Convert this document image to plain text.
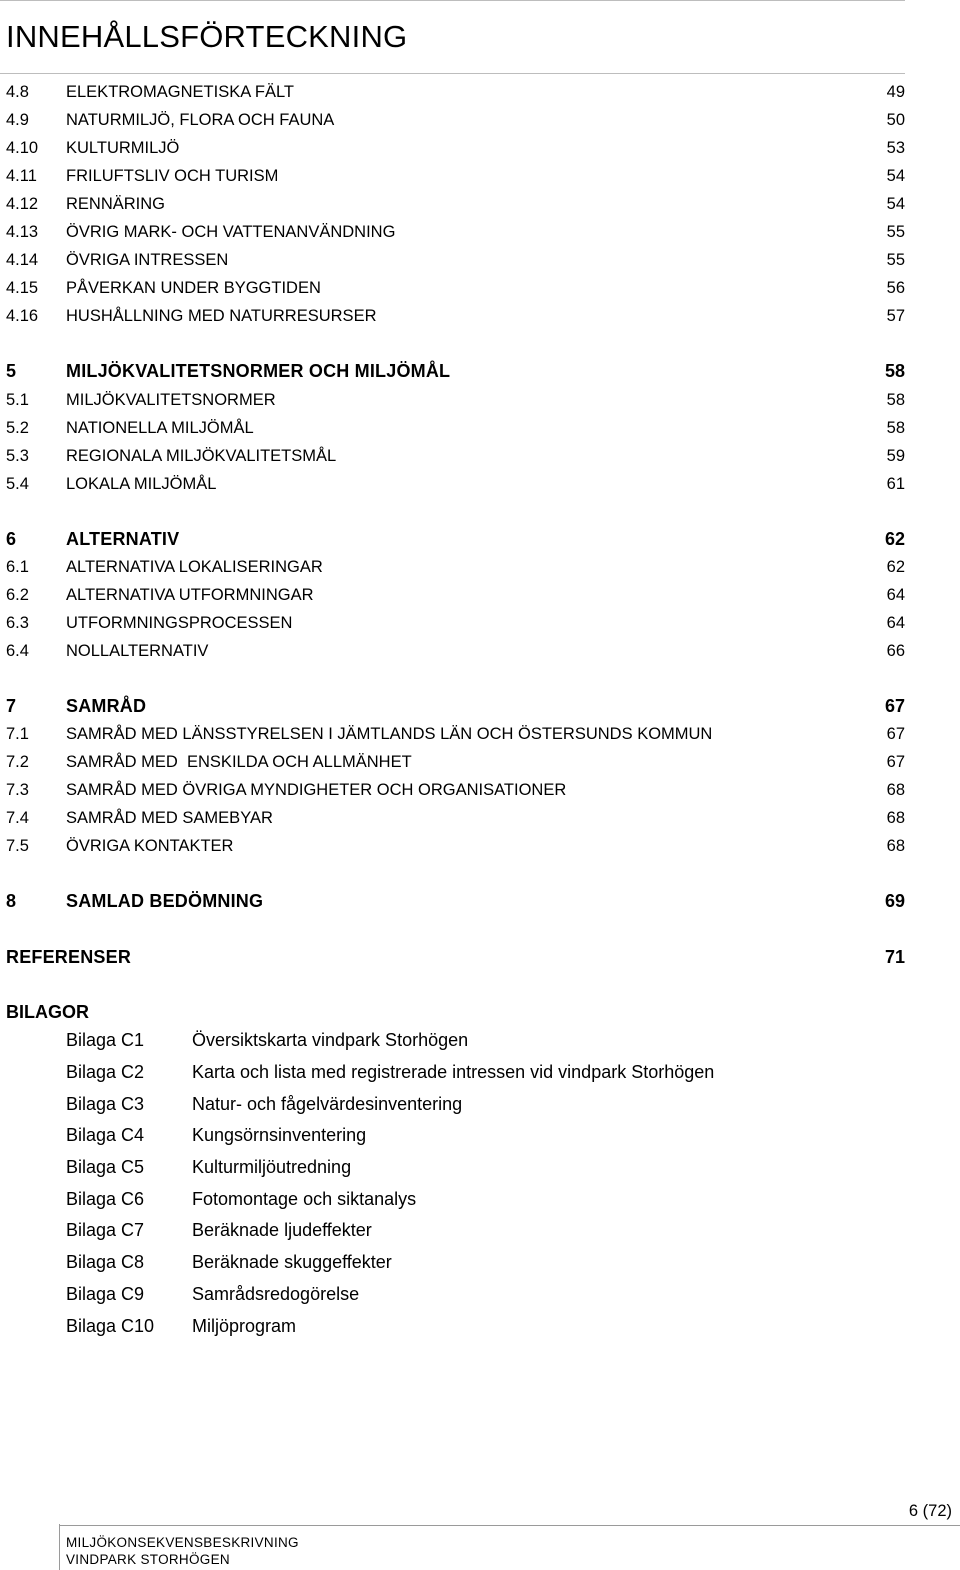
INNEHÅLLSFÖRTECKNING
4.8 ELEKTROMAGNETISKA FÄLT	49
4.9 NATURMILJÖ, FLORA OCH FAUNA	50
4.10 KULTURMILJÖ	53
4.11 FRILUFTSLIV OCH TURISM	54
4.12 RENNÄRING	54
4.13 ÖVRIG MARK- OCH VATTENANVÄNDNING	55
4.14 ÖVRIGA INTRESSEN	55
4.15 PÅVERKAN UNDER BYGGTIDEN	56
4.16 HUSHÅLLNING MED NATURRESURSER	57
5	MILJÖKVALITETSNORMER OCH MILJÖMÅL	58
5.1 MILJÖKVALITETSNORMER	58
5.2 NATIONELLA MILJÖMÅL	58
5.3 REGIONALA MILJÖKVALITETSMÅL	59
5.4 LOKALA MILJÖMÅL	61
6	ALTERNATIV	62
6.1 ALTERNATIVA LOKALISERINGAR	62
6.2 ALTERNATIVA UTFORMNINGAR	64
6.3 UTFORMNINGSPROCESSEN	64
6.4 NOLLALTERNATIV	66
7	SAMRÅD	67
7.1 SAMRÅD MED LÄNSSTYRELSEN I JÄMTLANDS LÄN OCH ÖSTERSUNDS KOMMUN	67
7.2 SAMRÅD MED  ENSKILDA OCH ALLMÄNHET	67
7.3 SAMRÅD MED ÖVRIGA MYNDIGHETER OCH ORGANISATIONER	68
7.4 SAMRÅD MED SAMEBYAR	68
7.5 ÖVRIGA KONTAKTER	68
8	SAMLAD BEDÖMNING	69
REFERENSER	71
BILAGOR
Bilaga C1	Översiktskarta vindpark Storhögen
Bilaga C2	Karta och lista med registrerade intressen vid vindpark Storhögen
Bilaga C3	Natur- och fågelvärdesinventering
Bilaga C4	Kungsörnsinventering
Bilaga C5	Kulturmiljöutredning
Bilaga C6	Fotomontage och siktanalys
Bilaga C7	Beräknade ljudeffekter
Bilaga C8	Beräknade skuggeffekter
Bilaga C9	Samrådsredogörelse
Bilaga C10 Miljöprogram
6 (72)
MILJÖKONSEKVENSBESKRIVNING
VINDPARK STORHÖGEN
